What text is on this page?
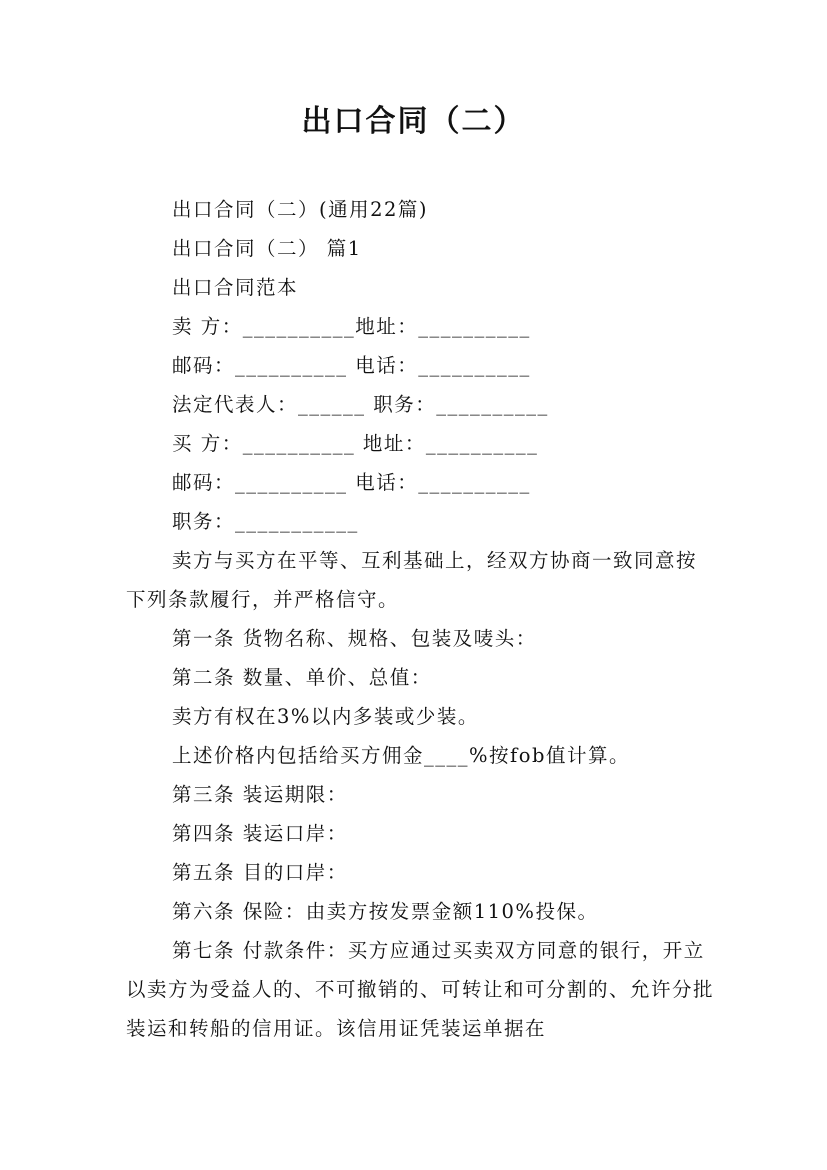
出口合同（二）
出口合同（二）(通用22篇)
出口合同（二） 篇1
出口合同范本
卖 方：__________地址：__________
邮码：__________ 电话：__________
法定代表人：______ 职务：__________
买 方：__________ 地址：__________
邮码：__________ 电话：__________
职务：___________
卖方与买方在平等、互利基础上，经双方协商一致同意按下列条款履行，并严格信守。
第一条 货物名称、规格、包装及唛头：
第二条 数量、单价、总值：
卖方有权在3%以内多装或少装。
上述价格内包括给买方佣金____%按fob值计算。
第三条 装运期限：
第四条 装运口岸：
第五条 目的口岸：
第六条 保险：由卖方按发票金额110%投保。
第七条 付款条件：买方应通过买卖双方同意的银行，开立以卖方为受益人的、不可撤销的、可转让和可分割的、允许分批装运和转船的信用证。该信用证凭装运单据在
